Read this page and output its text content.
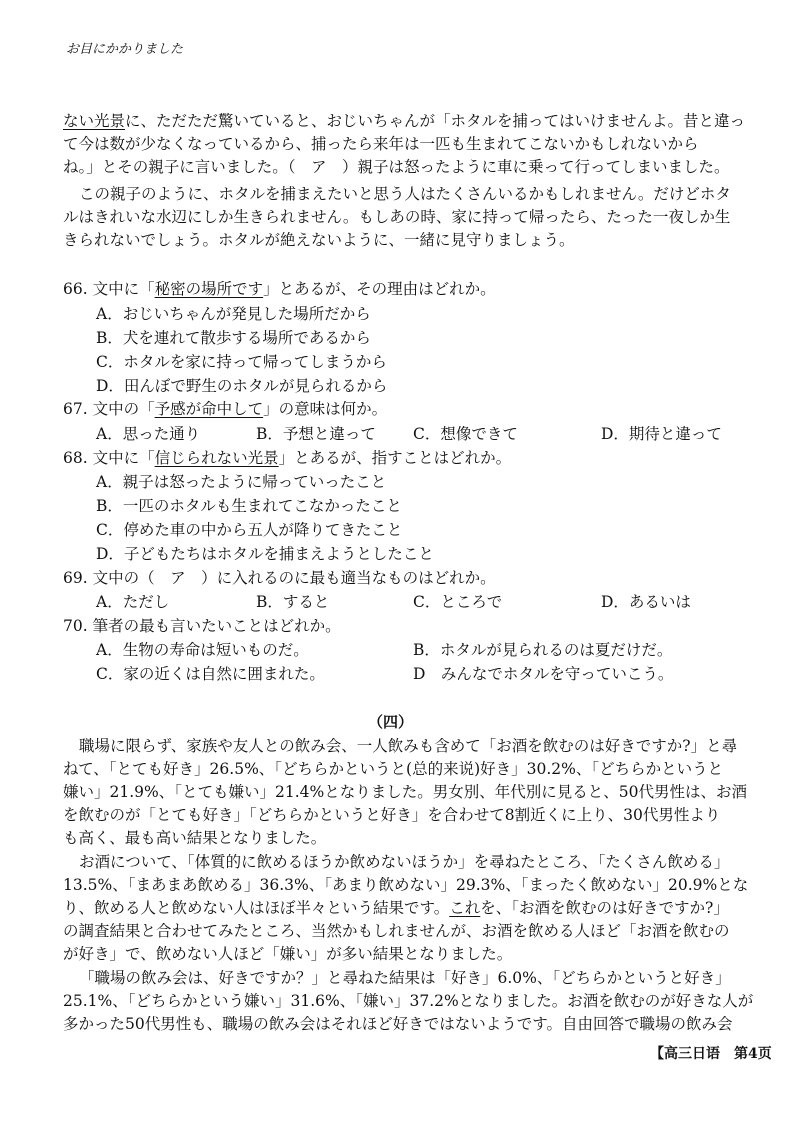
お目にかかりました
ない光景に、ただただ驚いていると、おじいちゃんが「ホタルを捕ってはいけませんよ。昔と違っ
て今は数が少なくなっているから、捕ったら来年は一匹も生まれてこないかもしれないから
ね。」とその親子に言いました。（　ア　）親子は怒ったように車に乗って行ってしまいました。
この親子のように、ホタルを捕まえたいと思う人はたくさんいるかもしれません。だけどホタ
ルはきれいな水辺にしか生きられません。もしあの時、家に持って帰ったら、たった一夜しか生
きられないでしょう。ホタルが絶えないように、一緒に見守りましょう。
66. 文中に「秘密の場所です」とあるが、その理由はどれか。
A．おじいちゃんが発見した場所だから
B．犬を連れて散歩する場所であるから
C．ホタルを家に持って帰ってしまうから
D．田んぼで野生のホタルが見られるから
67. 文中の「予感が命中して」の意味は何か。
A．思った通り	B．予想と違って C．想像できて	D．期待と違って
68. 文中に「信じられない光景」とあるが、指すことはどれか。
A．親子は怒ったように帰っていったこと
B．一匹のホタルも生まれてこなかったこと
C．停めた車の中から五人が降りてきたこと
D．子どもたちはホタルを捕まえようとしたこと
69. 文中の（　ア　）に入れるのに最も適当なものはどれか。
A．ただし	B．すると	C．ところで	D．あるいは
70. 筆者の最も言いたいことはどれか。
A．生物の寿命は短いものだ。	B．ホタルが見られるのは夏だけだ。
C．家の近くは自然に囲まれた。	D　みんなでホタルを守っていこう。
（四）
職場に限らず、家族や友人との飲み会、一人飲みも含めて「お酒を飲むのは好きですか?」と尋
ねて、「とても好き」26.5%、「どちらかというと(总的来说)好き」30.2%、「どちらかというと
嫌い」21.9%、「とても嫌い」21.4%となりました。男女別、年代別に見ると、50代男性は、お酒
を飲むのが「とても好き」「どちらかというと好き」を合わせて8割近くに上り、30代男性より
も高く、最も高い結果となりました。
お酒について、「体質的に飲めるほうか飲めないほうか」を尋ねたところ、「たくさん飲める」
13.5%、「まあまあ飲める」36.3%、「あまり飲めない」29.3%、「まったく飲めない」20.9%とな
り、飲める人と飲めない人はほぼ半々という結果です。これを、「お酒を飲むのは好きですか?」
の調査結果と合わせてみたところ、当然かもしれませんが、お酒を飲める人ほど「お酒を飲むの
が好き」で、飲めない人ほど「嫌い」が多い結果となりました。
「職場の飲み会は、好きですか？」と尋ねた結果は「好き」6.0%、「どちらかというと好き」
25.1%、「どちらかという嫌い」31.6%、「嫌い」37.2%となりました。お酒を飲むのが好きな人が
多かった50代男性も、職場の飲み会はそれほど好きではないようです。自由回答で職場の飲み会
【高三日语　第4页
